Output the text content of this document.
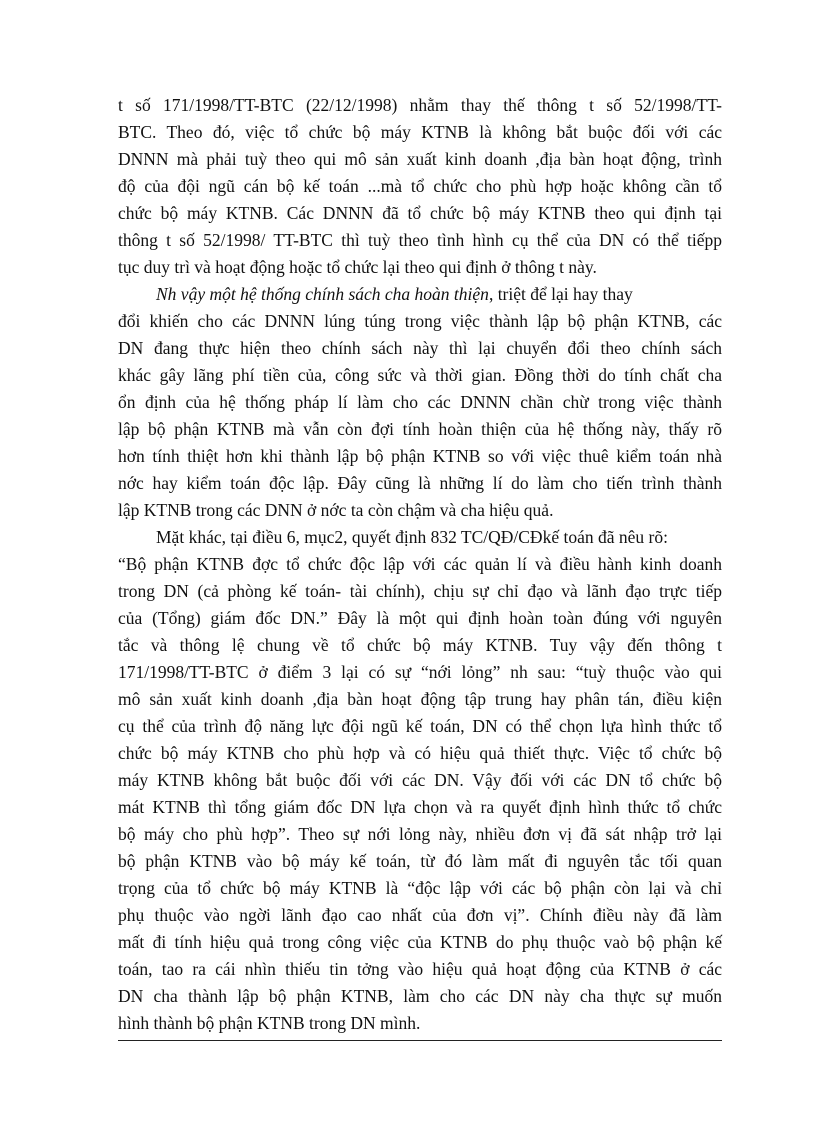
t số 171/1998/TT-BTC (22/12/1998) nhằm thay thế thông t số 52/1998/TT-
BTC. Theo đó, việc tổ chức bộ máy KTNB là không bắt buộc đối với các
DNNN mà phải tuỳ theo qui mô sản xuất kinh doanh ,địa bàn hoạt động, trình
độ của đội ngũ cán bộ kế toán ...mà tổ chức cho phù hợp hoặc không cần tổ
chức bộ máy KTNB. Các DNNN đã tổ chức bộ máy KTNB theo qui định tại
thông t số 52/1998/ TT-BTC thì tuỳ theo tình hình cụ thể của DN có thể tiếpp
tục duy trì và hoạt động hoặc tổ chức lại theo qui định ở thông t này.
Nh vậy một hệ thống chính sách cha hoàn thiện, triệt để lại hay thay
đổi khiến cho các DNNN lúng túng trong việc thành lập bộ phận KTNB, các
DN đang thực hiện theo chính sách này thì lại chuyển đổi theo chính sách
khác gây lãng phí tiền của, công sức và thời gian. Đồng thời do tính chất cha
ổn định của hệ thống pháp lí làm cho các DNNN chần chừ trong việc thành
lập bộ phận KTNB mà vẫn còn đợi tính hoàn thiện của hệ thống này, thấy rõ
hơn tính thiệt hơn khi thành lập bộ phận KTNB so với việc thuê kiểm toán nhà
nớc hay kiểm toán độc lập. Đây cũng là những lí do làm cho tiến trình thành
lập KTNB trong các DNN ở nớc ta còn chậm và cha hiệu quả.
Mặt khác, tại điều 6, mục2, quyết định 832 TC/QĐ/CĐkế toán đã nêu rõ:
“Bộ phận KTNB đợc tổ chức độc lập với các quản lí và điều hành kinh doanh
trong DN (cả phòng kế toán- tài chính), chịu sự chỉ đạo và lãnh đạo trực tiếp
của (Tổng) giám đốc DN.” Đây là một qui định hoàn toàn đúng với nguyên
tắc và thông lệ chung về tổ chức bộ máy KTNB. Tuy vậy đến thông t
171/1998/TT-BTC ở điểm 3 lại có sự “nới lỏng” nh sau: “tuỳ thuộc vào qui
mô sản xuất kinh doanh ,địa bàn hoạt động tập trung hay phân tán, điều kiện
cụ thể của trình độ năng lực đội ngũ kế toán, DN có thể chọn lựa hình thức tổ
chức bộ máy KTNB cho phù hợp và có hiệu quả thiết thực. Việc tổ chức bộ
máy KTNB không bắt buộc đối với các DN. Vậy đối với các DN tổ chức bộ
mát KTNB thì tổng giám đốc DN lựa chọn và ra quyết định hình thức tổ chức
bộ máy cho phù hợp”. Theo sự nới lỏng này, nhiều đơn vị đã sát nhập trở lại
bộ phận KTNB vào bộ máy kế toán, từ đó làm mất đi nguyên tắc tối quan
trọng của tổ chức bộ máy KTNB là “độc lập với các bộ phận còn lại và chỉ
phụ thuộc vào ngời lãnh đạo cao nhất của đơn vị”. Chính điều này đã làm
mất đi tính hiệu quả trong công việc của KTNB do phụ thuộc vaò bộ phận kế
toán, tao ra cái nhìn thiếu tin tởng vào hiệu quả hoạt động của KTNB ở các
DN cha thành lập bộ phận KTNB, làm cho các DN này cha thực sự muốn
hình thành bộ phận KTNB trong DN mình.
